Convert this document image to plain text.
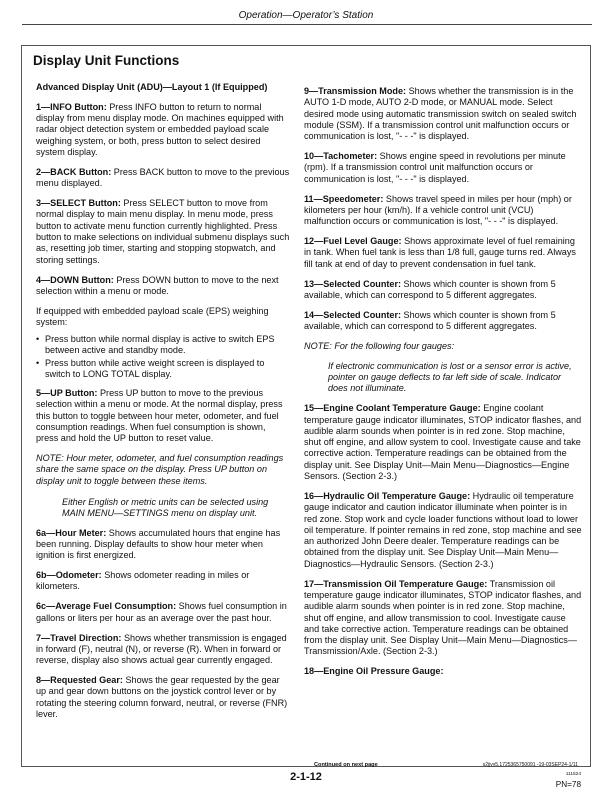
Operation—Operator’s Station
Display Unit Functions

Advanced Display Unit (ADU)—Layout 1 (If Equipped)

1—INFO Button: Press INFO button to return to normal display from menu display mode. On machines equipped with radar object detection system or embedded payload scale weighing system, or both, press button to select desired system display.

2—BACK Button: Press BACK button to move to the previous menu displayed.

3—SELECT Button: Press SELECT button to move from normal display to main menu display. In menu mode, press button to activate menu function currently highlighted. Press button to make selections on individual submenu displays such as, resetting job timer, starting and stopping stopwatch, and storing settings.

4—DOWN Button: Press DOWN button to move to the next selection within a menu or mode.

If equipped with embedded payload scale (EPS) weighing system:

• Press button while normal display is active to switch EPS between active and standby mode.
• Press button while active weight screen is displayed to switch to LONG TOTAL display.

5—UP Button: Press UP button to move to the previous selection within a menu or mode. At the normal display, press this button to toggle between hour meter, odometer, and fuel consumption readings. When fuel consumption is shown, press and hold the UP button to reset value.

NOTE: Hour meter, odometer, and fuel consumption readings share the same space on the display. Press UP button on display unit to toggle between these items.
Either English or metric units can be selected using MAIN MENU—SETTINGS menu on display unit.

6a—Hour Meter: Shows accumulated hours that engine has been running. Display defaults to show hour meter when ignition is first energized.

6b—Odometer: Shows odometer reading in miles or kilometers.

6c—Average Fuel Consumption: Shows fuel consumption in gallons or liters per hour as an average over the past hour.

7—Travel Direction: Shows whether transmission is engaged in forward (F), neutral (N), or reverse (R). When in forward or reverse, display also shows actual gear currently engaged.

8—Requested Gear: Shows the gear requested by the gear up and gear down buttons on the joystick control lever or by rotating the steering column forward, neutral, or reverse (FNR) lever.

9—Transmission Mode: Shows whether the transmission is in the AUTO 1-D mode, AUTO 2-D mode, or MANUAL mode. Select desired mode using automatic transmission switch on sealed switch module (SSM). If a transmission control unit malfunction occurs or communication is lost, "- - -" is displayed.

10—Tachometer: Shows engine speed in revolutions per minute (rpm). If a transmission control unit malfunction occurs or communication is lost, "- - -" is displayed.

11—Speedometer: Shows travel speed in miles per hour (mph) or kilometers per hour (km/h). If a vehicle control unit (VCU) malfunction occurs or communication is lost, "- - -" is displayed.

12—Fuel Level Gauge: Shows approximate level of fuel remaining in tank. When fuel tank is less than 1/8 full, gauge turns red. Always fill tank at end of day to prevent condensation in fuel tank.

13—Selected Counter: Shows which counter is shown from 5 available, which can correspond to 5 different aggregates.

14—Selected Counter: Shows which counter is shown from 5 available, which can correspond to 5 different aggregates.

NOTE: For the following four gauges:

If electronic communication is lost or a sensor error is active, pointer on gauge deflects to far left side of scale. Indicator does not illuminate.

15—Engine Coolant Temperature Gauge: Engine coolant temperature gauge indicator illuminates, STOP indicator flashes, and audible alarm sounds when pointer is in red zone. Stop machine, shut off engine, and allow system to cool. Investigate cause and take corrective action. Temperature readings can be obtained from the display unit. See Display Unit—Main Menu—Diagnostics—Engine Sensors. (Section 2-3.)

16—Hydraulic Oil Temperature Gauge: Hydraulic oil temperature gauge indicator and caution indicator illuminate when pointer is in red zone. Stop work and cycle loader functions without load to lower oil temperature. If pointer remains in red zone, stop machine and see an authorized John Deere dealer. Temperature readings can be obtained from the display unit. See Display Unit—Main Menu—Diagnostics—Hydraulic Sensors. (Section 2-3.)

17—Transmission Oil Temperature Gauge: Transmission oil temperature gauge indicator illuminates, STOP indicator flashes, and audible alarm sounds when pointer is in red zone. Stop machine, shut off engine, and allow transmission to cool. Investigate cause and take corrective action. Temperature readings can be obtained from the display unit. See Display Unit—Main Menu—Diagnostics—Transmission/Axle. (Section 2-3.)

18—Engine Oil Pressure Gauge:

Continued on next page	s2jjvv5,1725365750091 -19-03SEP24-1/11
2-1-12	111524
PN=78
